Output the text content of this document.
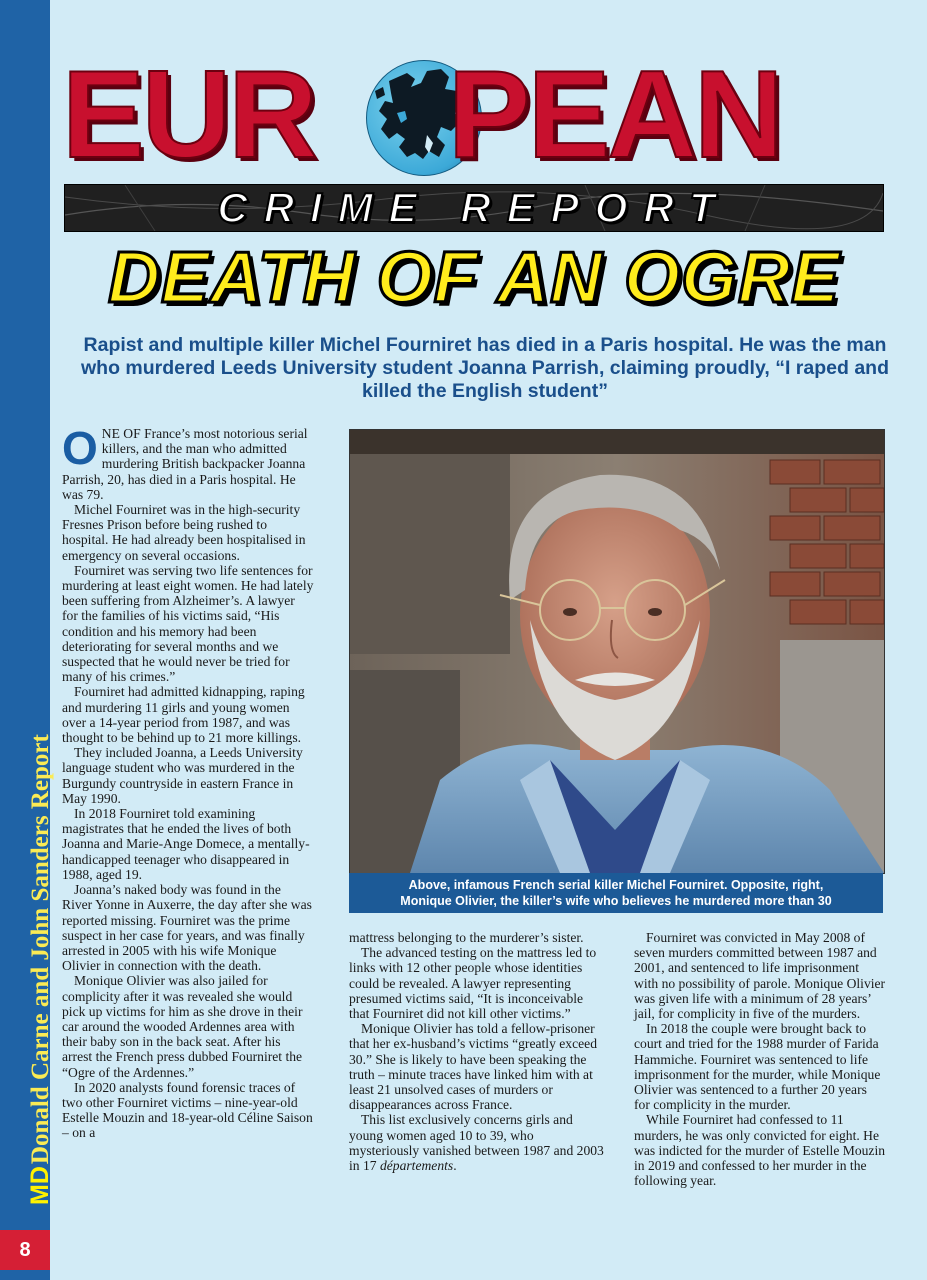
MDDonald Carne and John Sanders Report
8
EUR PEAN
CRIME REPORT
DEATH OF AN OGRE
Rapist and multiple killer Michel Fourniret has died in a Paris hospital. He was the man who murdered Leeds University student Joanna Parrish, claiming proudly, “I raped and killed the English student”

ONE OF France’s most notorious serial killers, and the man who admitted murdering British backpacker Joanna Parrish, 20, has died in a Paris hospital. He was 79.

Michel Fourniret was in the high-security Fresnes Prison before being rushed to hospital. He had already been hospitalised in emergency on several occasions.

Fourniret was serving two life sentences for murdering at least eight women. He had lately been suffering from Alzheimer’s. A lawyer for the families of his victims said, “His condition and his memory had been deteriorating for several months and we suspected that he would never be tried for many of his crimes.”

Fourniret had admitted kidnapping, raping and murdering 11 girls and young women over a 14-year period from 1987, and was thought to be behind up to 21 more killings.

They included Joanna, a Leeds University language student who was murdered in the Burgundy countryside in eastern France in May 1990.

In 2018 Fourniret told examining magistrates that he ended the lives of both Joanna and Marie-Ange Domece, a mentally-handicapped teenager who disappeared in 1988, aged 19.

Joanna’s naked body was found in the River Yonne in Auxerre, the day after she was reported missing. Fourniret was the prime suspect in her case for years, and was finally arrested in 2005 with his wife Monique Olivier in connection with the death.

Monique Olivier was also jailed for complicity after it was revealed she would pick up victims for him as she drove in their car around the wooded Ardennes area with their baby son in the back seat. After his arrest the French press dubbed Fourniret the “Ogre of the Ardennes.”

In 2020 analysts found forensic traces of two other Fourniret victims – nine-year-old Estelle Mouzin and 18-year-old Céline Saison – on a

Above, infamous French serial killer Michel Fourniret. Opposite, right,
Monique Olivier, the killer’s wife who believes he murdered more than 30

mattress belonging to the murderer’s sister.

The advanced testing on the mattress led to links with 12 other people whose identities could be revealed. A lawyer representing presumed victims said, “It is inconceivable that Fourniret did not kill other victims.”

Monique Olivier has told a fellow-prisoner that her ex-husband’s victims “greatly exceed 30.” She is likely to have been speaking the truth – minute traces have linked him with at least 21 unsolved cases of murders or disappearances across France.

This list exclusively concerns girls and young women aged 10 to 39, who mysteriously vanished between 1987 and 2003 in 17 départements.

Fourniret was convicted in May 2008 of seven murders committed between 1987 and 2001, and sentenced to life imprisonment with no possibility of parole. Monique Olivier was given life with a minimum of 28 years’ jail, for complicity in five of the murders.

In 2018 the couple were brought back to court and tried for the 1988 murder of Farida Hammiche. Fourniret was sentenced to life imprisonment for the murder, while Monique Olivier was sentenced to a further 20 years for complicity in the murder.

While Fourniret had confessed to 11 murders, he was only convicted for eight. He was indicted for the murder of Estelle Mouzin in 2019 and confessed to her murder in the following year.
